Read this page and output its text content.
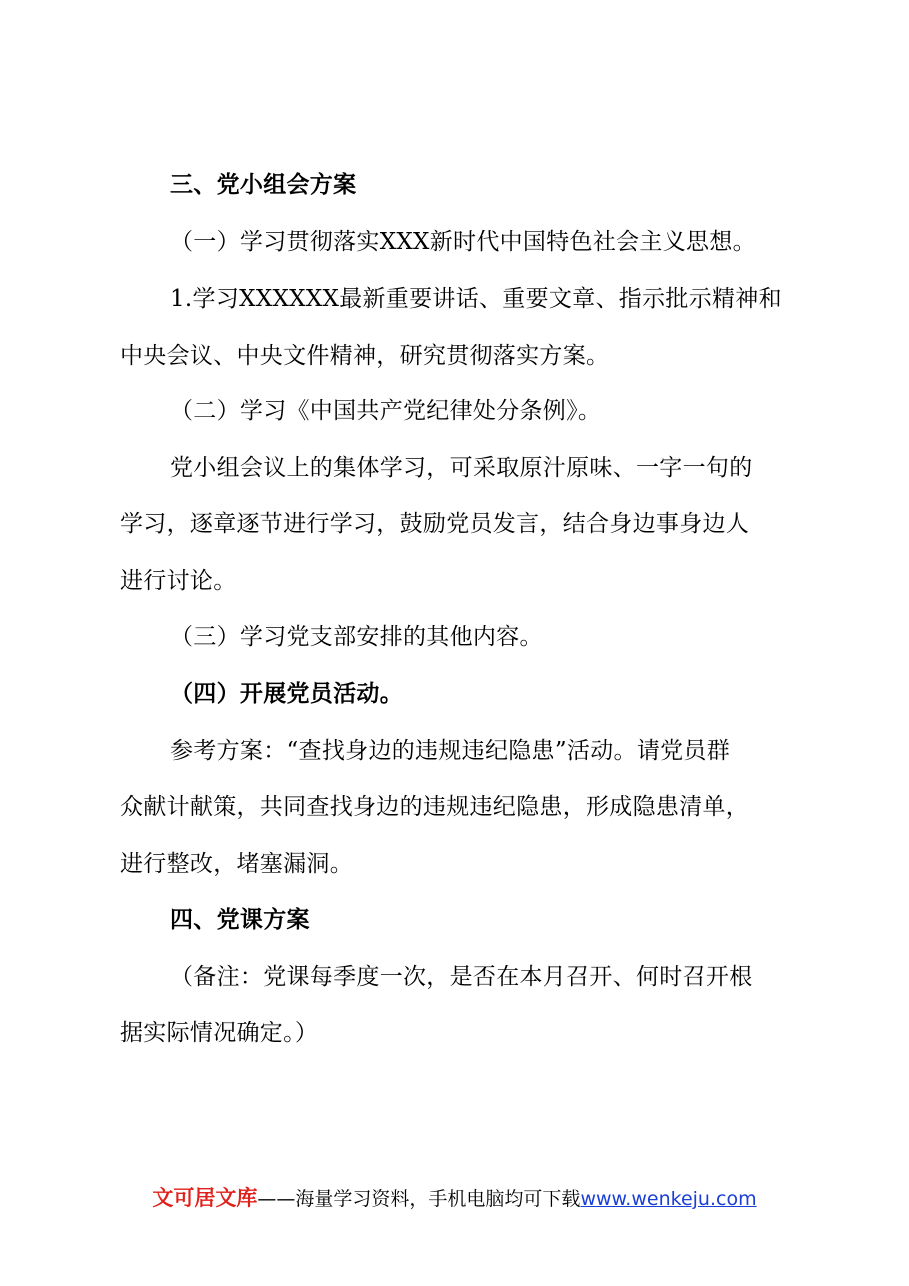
三、党小组会方案
（一）学习贯彻落实XXX新时代中国特色社会主义思想。
1.学习XXXXXX最新重要讲话、重要文章、指示批示精神和
中央会议、中央文件精神，研究贯彻落实方案。
（二）学习《中国共产党纪律处分条例》。
党小组会议上的集体学习，可采取原汁原味、一字一句的
学习，逐章逐节进行学习，鼓励党员发言，结合身边事身边人
进行讨论。
（三）学习党支部安排的其他内容。
（四）开展党员活动。
参考方案：“查找身边的违规违纪隐患”活动。请党员群
众献计献策，共同查找身边的违规违纪隐患，形成隐患清单，
进行整改，堵塞漏洞。
四、党课方案
（备注：党课每季度一次，是否在本月召开、何时召开根
据实际情况确定。）
文可居文库——海量学习资料，手机电脑均可下载www.wenkeju.com
